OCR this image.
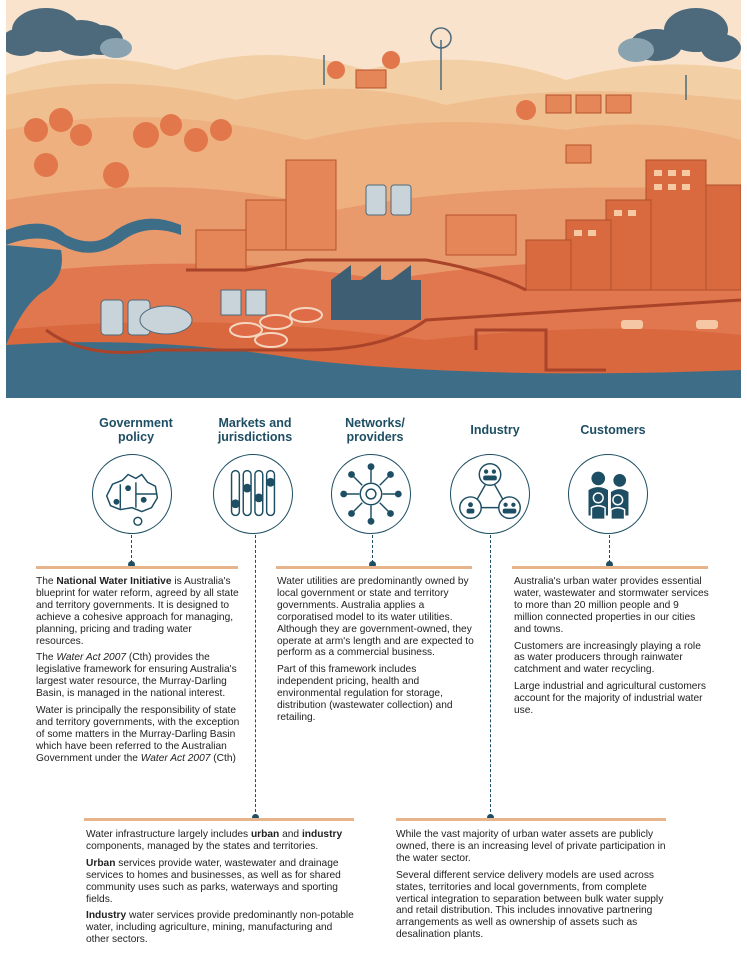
Government policy
Markets and jurisdictions
Networks/ providers	Industry	Customers

The National Water Initiative is Australia's blueprint for water reform, agreed by all state and territory governments. It is designed to achieve a cohesive approach for managing, planning, pricing and trading water resources.

The Water Act 2007 (Cth) provides the legislative framework for ensuring Australia's largest water resource, the Murray-Darling Basin, is managed in the national interest.

Water is principally the responsibility of state and territory governments, with the exception of some matters in the Murray-Darling Basin which have been referred to the Australian Government under the Water Act 2007 (Cth)

Water utilities are predominantly owned by local government or state and territory governments. Australia applies a corporatised model to its water utilities. Although they are government-owned, they operate at arm's length and are expected to perform as a commercial business.

Part of this framework includes independent pricing, health and environmental regulation for storage, distribution (wastewater collection) and retailing.

Australia's urban water provides essential water, wastewater and stormwater services to more than 20 million people and 9 million connected properties in our cities and towns.

Customers are increasingly playing a role as water producers through rainwater catchment and water recycling.

Large industrial and agricultural customers account for the majority of industrial water use.

Water infrastructure largely includes urban and industry components, managed by the states and territories.

Urban services provide water, wastewater and drainage services to homes and businesses, as well as for shared community uses such as parks, waterways and sporting fields.

Industry water services provide predominantly non-potable water, including agriculture, mining, manufacturing and other sectors.

While the vast majority of urban water assets are publicly owned, there is an increasing level of private participation in the water sector.

Several different service delivery models are used across states, territories and local governments, from complete vertical integration to separation between bulk water supply and retail distribution. This includes innovative partnering arrangements as well as ownership of assets such as desalination plants.
